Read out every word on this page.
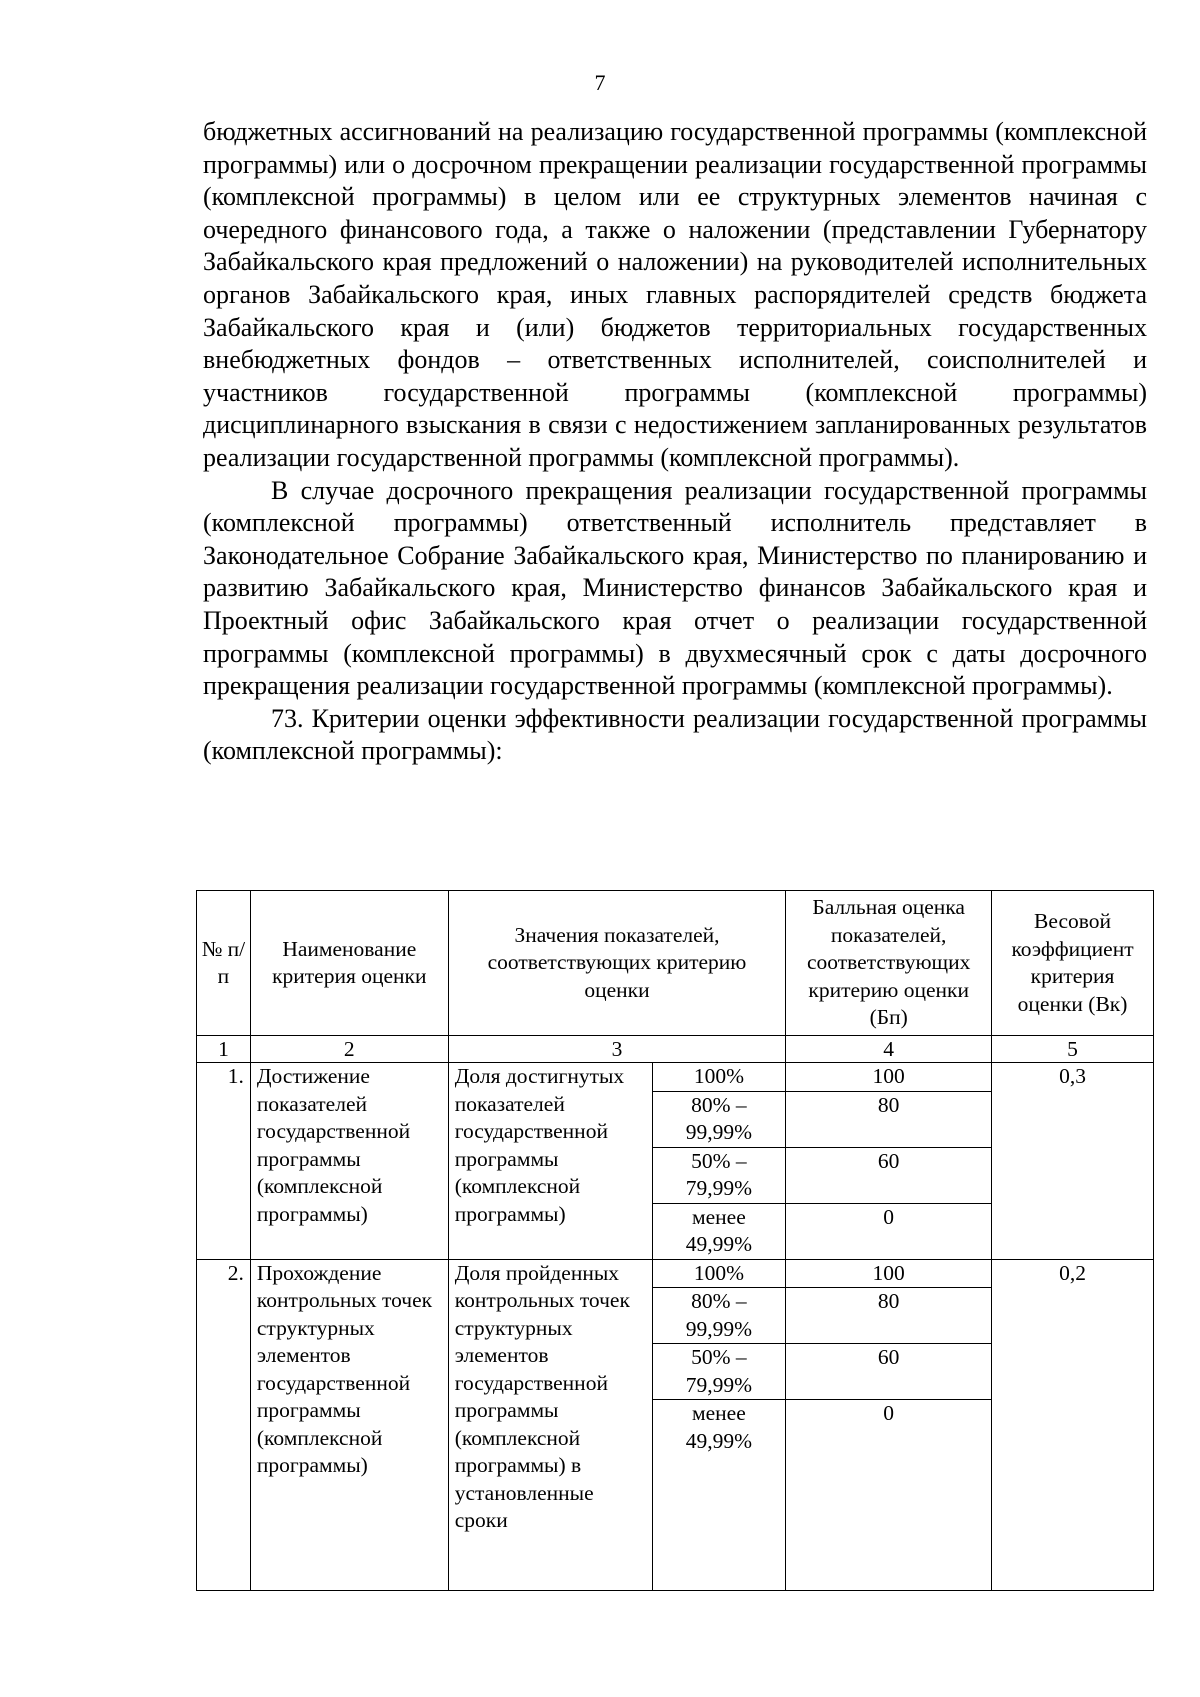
7

бюджетных ассигнований на реализацию государственной программы (комплексной программы) или о досрочном прекращении реализации государственной программы (комплексной программы) в целом или ее структурных элементов начиная с очередного финансового года, а также о наложении (представлении Губернатору Забайкальского края предложений о наложении) на руководителей исполнительных органов Забайкальского края, иных главных распорядителей средств бюджета Забайкальского края и (или) бюджетов территориальных государственных внебюджетных фондов – ответственных исполнителей, соисполнителей и участников государственной программы (комплексной программы) дисциплинарного взыскания в связи с недостижением запланированных результатов реализации государственной программы (комплексной программы).

В случае досрочного прекращения реализации государственной программы (комплексной программы) ответственный исполнитель представляет в Законодательное Собрание Забайкальского края, Министерство по планированию и развитию Забайкальского края, Министерство финансов Забайкальского края и Проектный офис Забайкальского края отчет о реализации государственной программы (комплексной программы) в двухмесячный срок с даты досрочного прекращения реализации государственной программы (комплексной программы).

73. Критерии оценки эффективности реализации государственной программы (комплексной программы):

№ п/п	Наименование критерия оценки	Значения показателей, соответствующих критерию оценки		Балльная оценка показателей, соответствующих критерию оценки (Бп)	Весовой коэффициент критерия оценки (Вк)
1	2	3		4	5
1.	Достижение показателей государственной программы (комплексной программы)	Доля достигнутых показателей государственной программы (комплексной программы)	100%	100	0,3
			80% – 99,99%	80	
			50% – 79,99%	60	
			менее 49,99%	0	
2.	Прохождение контрольных точек структурных элементов государственной программы (комплексной программы)	Доля пройденных контрольных точек структурных элементов государственной программы (комплексной программы) в установленные сроки	100%	100	0,2
			80% – 99,99%	80	
			50% – 79,99%	60	
			менее 49,99%	0	
